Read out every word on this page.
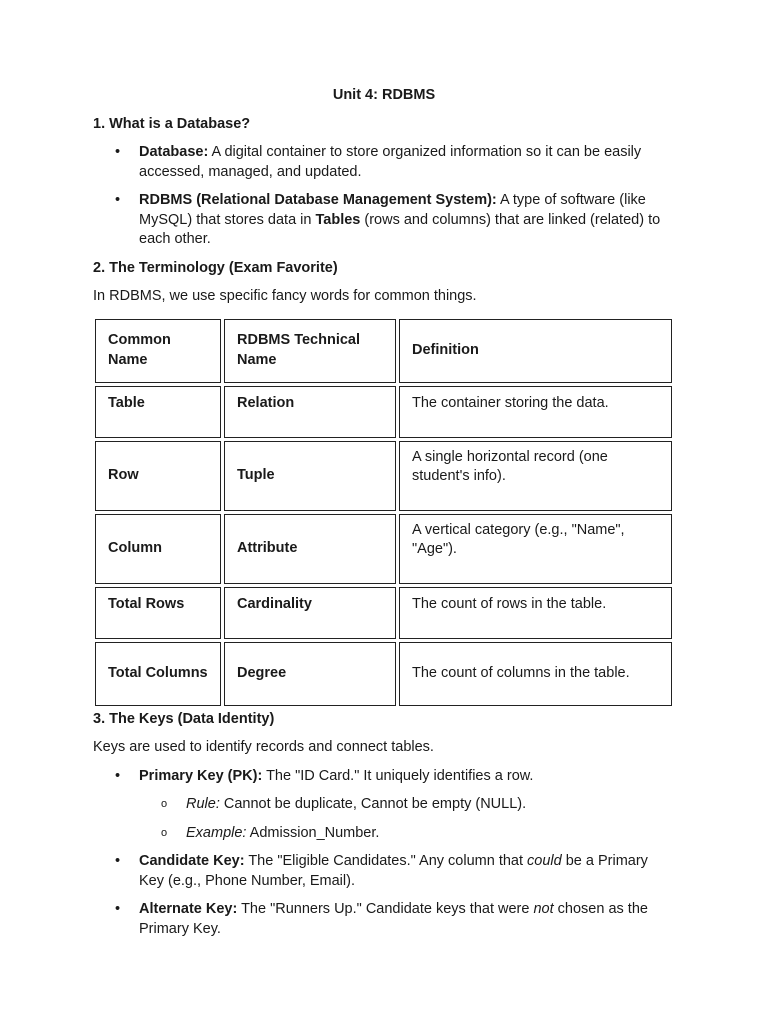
Unit 4: RDBMS
1. What is a Database?
• Database: A digital container to store organized information so it can be easily accessed, managed, and updated.
• RDBMS (Relational Database Management System): A type of software (like MySQL) that stores data in Tables (rows and columns) that are linked (related) to each other.
2. The Terminology (Exam Favorite)
In RDBMS, we use specific fancy words for common things.
Common Name	RDBMS Technical Name	Definition
Table	Relation	The container storing the data.
Row	Tuple	A single horizontal record (one student's info).
Column	Attribute	A vertical category (e.g., "Name", "Age").
Total Rows	Cardinality	The count of rows in the table.
Total Columns	Degree	The count of columns in the table.
3. The Keys (Data Identity)
Keys are used to identify records and connect tables.
• Primary Key (PK): The "ID Card." It uniquely identifies a row.
o Rule: Cannot be duplicate, Cannot be empty (NULL).
o Example: Admission_Number.
• Candidate Key: The "Eligible Candidates." Any column that could be a Primary Key (e.g., Phone Number, Email).
• Alternate Key: The "Runners Up." Candidate keys that were not chosen as the Primary Key.
